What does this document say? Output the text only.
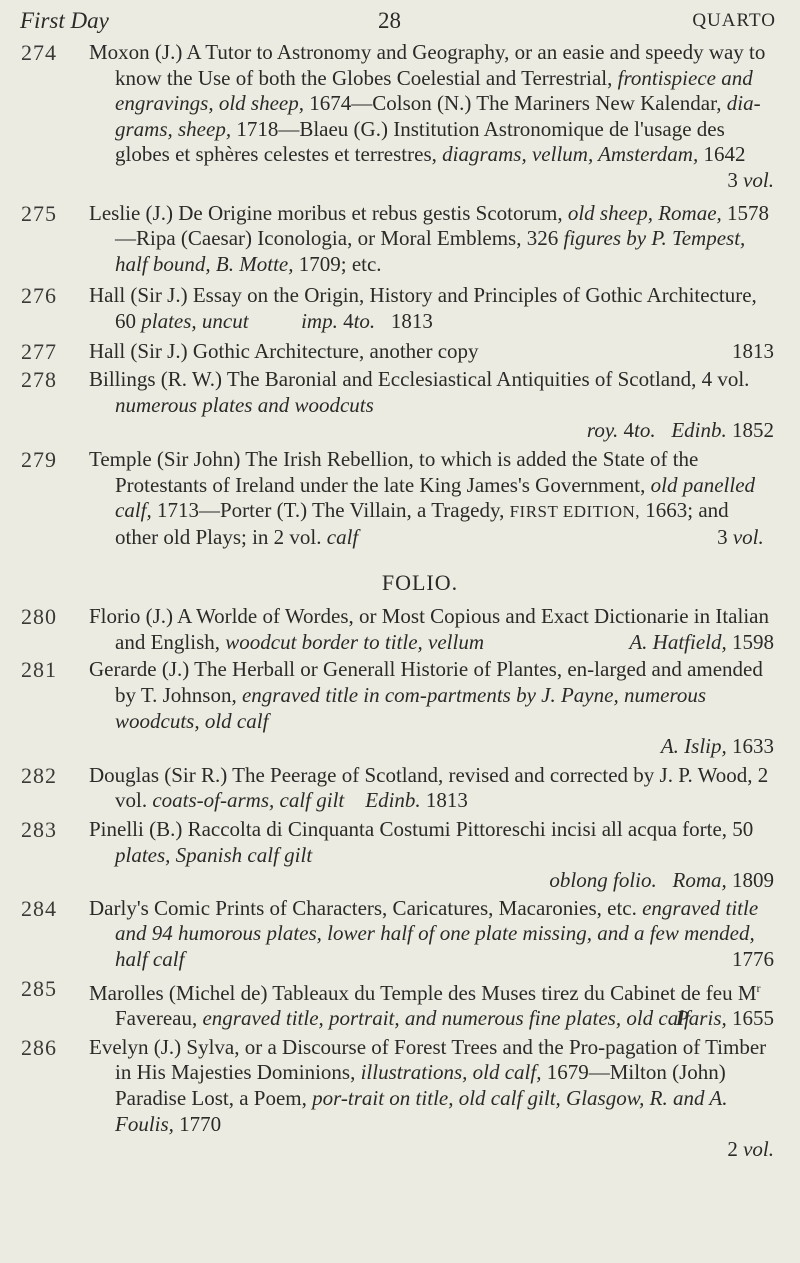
First Day	28	QUARTO
274 Moxon (J.) A Tutor to Astronomy and Geography, or an easie and speedy way to know the Use of both the Globes Coelestial and Terrestrial, frontispiece and engravings, old sheep, 1674—Colson (N.) The Mariners New Kalendar, dia-grams, sheep, 1718—Blaeu (G.) Institution Astronomique de l'usage des globes et sphères celestes et terrestres, diagrams, vellum, Amsterdam, 1642
3 vol.
275 Leslie (J.) De Origine moribus et rebus gestis Scotorum, old sheep, Romae, 1578—Ripa (Caesar) Iconologia, or Moral Emblems, 326 figures by P. Tempest, half bound, B. Motte, 1709; etc.
276 Hall (Sir J.) Essay on the Origin, History and Principles of Gothic Architecture, 60 plates, uncut	imp. 4to.   1813
277 Hall (Sir J.) Gothic Architecture, another copy	1813
278 Billings (R. W.) The Baronial and Ecclesiastical Antiquities of Scotland, 4 vol. numerous plates and woodcuts
roy. 4to. Edinb. 1852
279 Temple (Sir John) The Irish Rebellion, to which is added the State of the Protestants of Ireland under the late King James's Government, old panelled calf, 1713—Porter (T.) The Villain, a Tragedy, FIRST EDITION, 1663; and other old Plays; in 2 vol. calf	3 vol.
FOLIO.
280 Florio (J.) A Worlde of Wordes, or Most Copious and Exact Dictionarie in Italian and English, woodcut border to title, vellum	A. Hatfield, 1598
281 Gerarde (J.) The Herball or Generall Historie of Plantes, en-larged and amended by T. Johnson, engraved title in com-partments by J. Payne, numerous woodcuts, old calf
A. Islip, 1633
282 Douglas (Sir R.) The Peerage of Scotland, revised and corrected by J. P. Wood, 2 vol. coats-of-arms, calf gilt Edinb. 1813
283 Pinelli (B.) Raccolta di Cinquanta Costumi Pittoreschi incisi all acqua forte, 50 plates, Spanish calf gilt
oblong folio. Roma, 1809
284 Darly's Comic Prints of Characters, Caricatures, Macaronies, etc. engraved title and 94 humorous plates, lower half of one plate missing, and a few mended, half calf	1776
285 Marolles (Michel de) Tableaux du Temple des Muses tirez du Cabinet de feu $M^r$ Favereau, engraved title, portrait, and numerous fine plates, old calf
Paris, 1655
286 Evelyn (J.) Sylva, or a Discourse of Forest Trees and the Pro-pagation of Timber in His Majesties Dominions, illustrations, old calf, 1679—Milton (John) Paradise Lost, a Poem, por-trait on title, old calf gilt, Glasgow, R. and A. Foulis, 1770
2 vol.
